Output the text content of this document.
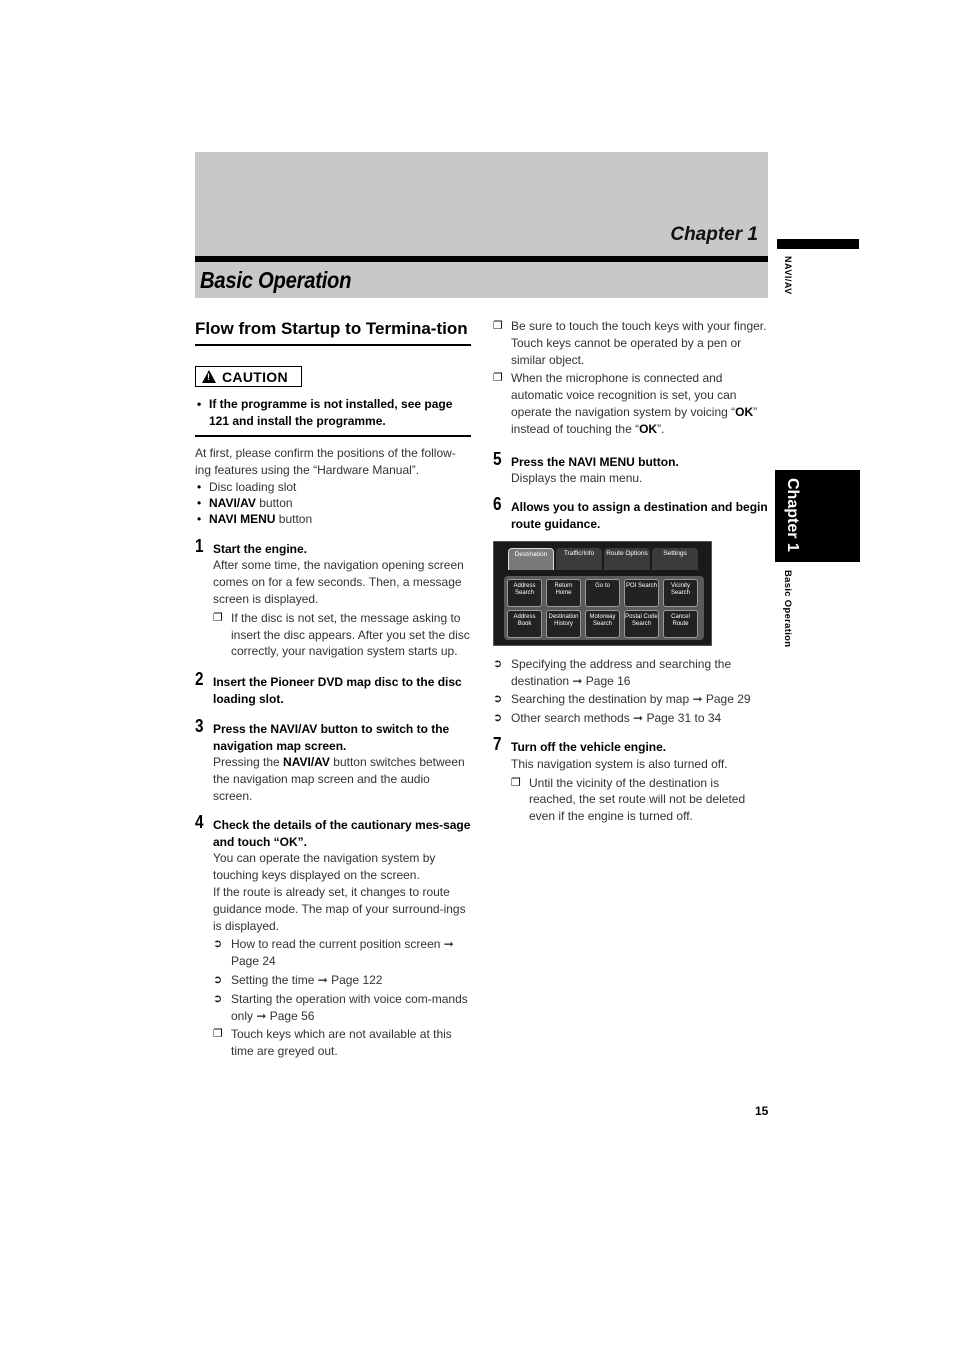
Chapter 1
Basic Operation	NAVI/AV
Chapter 1
Basic Operation
Flow from Startup to Termina-tion
! CAUTION
• If the programme is not installed, see page 121 and install the programme.
At first, please confirm the positions of the follow-ing features using the “Hardware Manual”.
• Disc loading slot
• NAVI/AV button
• NAVI MENU button
1 Start the engine.
After some time, the navigation opening screen comes on for a few seconds. Then, a message screen is displayed.
❐ If the disc is not set, the message asking to insert the disc appears. After you set the disc correctly, your navigation system starts up.
2 Insert the Pioneer DVD map disc to the disc loading slot.
3 Press the NAVI/AV button to switch to the navigation map screen.
Pressing the NAVI/AV button switches between the navigation map screen and the audio screen.
4 Check the details of the cautionary mes-sage and touch “OK”.
You can operate the navigation system by touching keys displayed on the screen.
If the route is already set, it changes to route guidance mode. The map of your surround-ings is displayed.
➲ How to read the current position screen ➞ Page 24
➲ Setting the time ➞ Page 122
➲ Starting the operation with voice com-mands only ➞ Page 56
❐ Touch keys which are not available at this time are greyed out.
❐ Be sure to touch the touch keys with your finger. Touch keys cannot be operated by a pen or similar object.
❐ When the microphone is connected and automatic voice recognition is set, you can operate the navigation system by voicing “OK” instead of touching the “OK”.
5 Press the NAVI MENU button.
Displays the main menu.
6 Allows you to assign a destination and begin route guidance.
Destination	Traffic/Info	Route Options	Settings
Address Search
Return Home
Go to	POI Search	Vicinity Search
Address Book
Destination History
Motorway Search
Postal Code Search
Cancel Route
➲ Specifying the address and searching the destination ➞ Page 16
➲ Searching the destination by map ➞ Page 29
➲ Other search methods ➞ Page 31 to 34
7 Turn off the vehicle engine.
This navigation system is also turned off.
❐ Until the vicinity of the destination is reached, the set route will not be deleted even if the engine is turned off.
15
